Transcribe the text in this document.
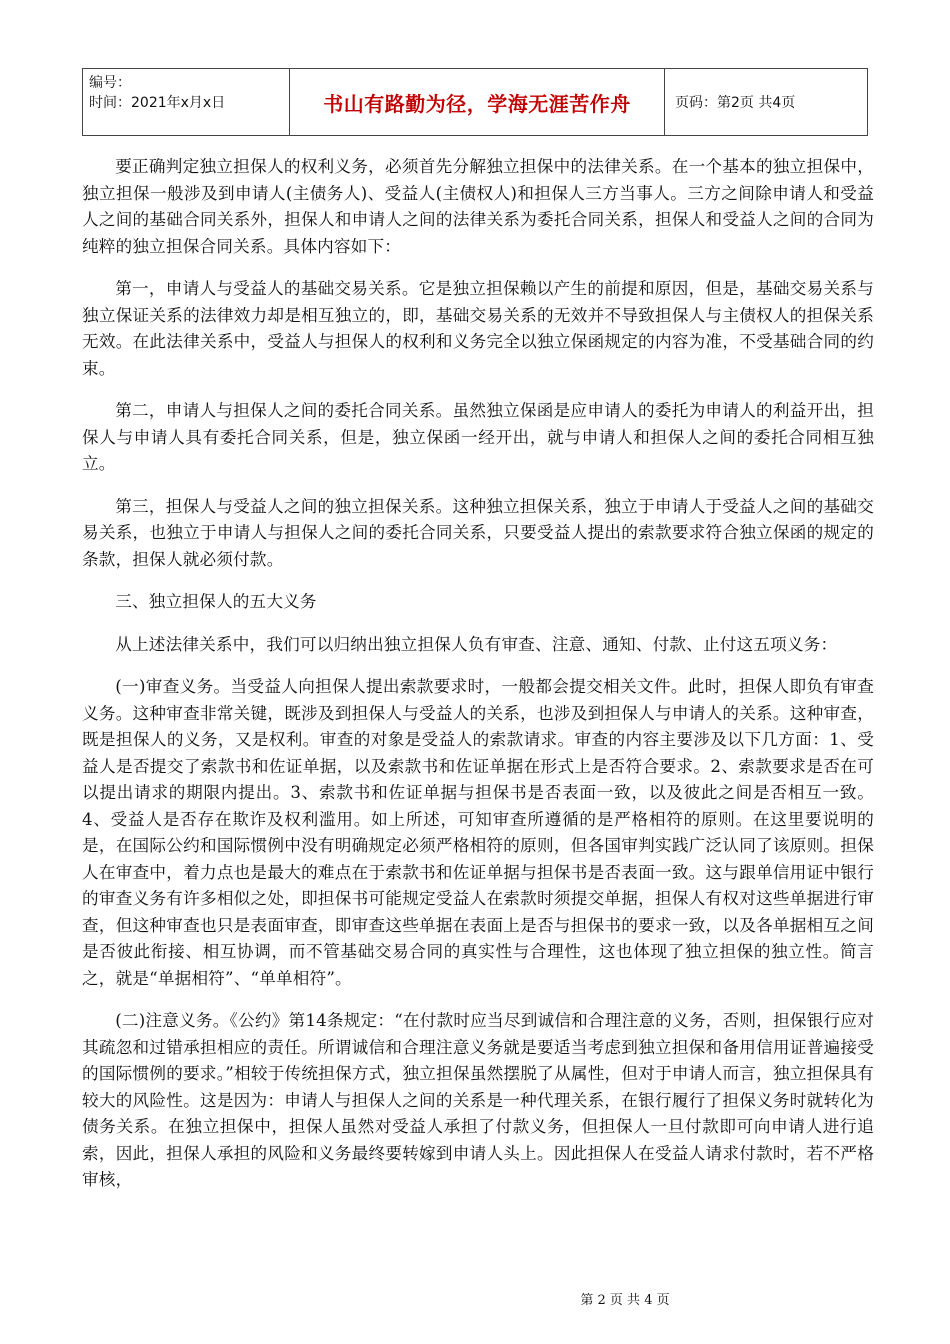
编号：
时间：2021年x月x日	书山有路勤为径，学海无涯苦作舟	页码：第2页 共4页

要正确判定独立担保人的权利义务，必须首先分解独立担保中的法律关系。在一个基本的独立担保中，独立担保一般涉及到申请人(主债务人)、受益人(主债权人)和担保人三方当事人。三方之间除申请人和受益人之间的基础合同关系外，担保人和申请人之间的法律关系为委托合同关系，担保人和受益人之间的合同为纯粹的独立担保合同关系。具体内容如下：

第一，申请人与受益人的基础交易关系。它是独立担保赖以产生的前提和原因，但是，基础交易关系与独立保证关系的法律效力却是相互独立的，即，基础交易关系的无效并不导致担保人与主债权人的担保关系无效。在此法律关系中，受益人与担保人的权利和义务完全以独立保函规定的内容为准，不受基础合同的约束。

第二，申请人与担保人之间的委托合同关系。虽然独立保函是应申请人的委托为申请人的利益开出，担保人与申请人具有委托合同关系，但是，独立保函一经开出，就与申请人和担保人之间的委托合同相互独立。

第三，担保人与受益人之间的独立担保关系。这种独立担保关系，独立于申请人于受益人之间的基础交易关系，也独立于申请人与担保人之间的委托合同关系，只要受益人提出的索款要求符合独立保函的规定的条款，担保人就必须付款。

三、独立担保人的五大义务

从上述法律关系中，我们可以归纳出独立担保人负有审查、注意、通知、付款、止付这五项义务：

(一)审查义务。当受益人向担保人提出索款要求时，一般都会提交相关文件。此时，担保人即负有审查义务。这种审查非常关键，既涉及到担保人与受益人的关系，也涉及到担保人与申请人的关系。这种审查，既是担保人的义务，又是权利。审查的对象是受益人的索款请求。审查的内容主要涉及以下几方面：1、受益人是否提交了索款书和佐证单据，以及索款书和佐证单据在形式上是否符合要求。2、索款要求是否在可以提出请求的期限内提出。3、索款书和佐证单据与担保书是否表面一致，以及彼此之间是否相互一致。4、受益人是否存在欺诈及权利滥用。如上所述，可知审查所遵循的是严格相符的原则。在这里要说明的是，在国际公约和国际惯例中没有明确规定必须严格相符的原则，但各国审判实践广泛认同了该原则。担保人在审查中，着力点也是最大的难点在于索款书和佐证单据与担保书是否表面一致。这与跟单信用证中银行的审查义务有许多相似之处，即担保书可能规定受益人在索款时须提交单据，担保人有权对这些单据进行审查，但这种审查也只是表面审查，即审查这些单据在表面上是否与担保书的要求一致，以及各单据相互之间是否彼此衔接、相互协调，而不管基础交易合同的真实性与合理性，这也体现了独立担保的独立性。简言之，就是“单据相符”、“单单相符”。

(二)注意义务。《公约》第14条规定：“在付款时应当尽到诚信和合理注意的义务，否则，担保银行应对其疏忽和过错承担相应的责任。所谓诚信和合理注意义务就是要适当考虑到独立担保和备用信用证普遍接受的国际惯例的要求。”相较于传统担保方式，独立担保虽然摆脱了从属性，但对于申请人而言，独立担保具有较大的风险性。这是因为：申请人与担保人之间的关系是一种代理关系，在银行履行了担保义务时就转化为债务关系。在独立担保中，担保人虽然对受益人承担了付款义务，但担保人一旦付款即可向申请人进行追索，因此，担保人承担的风险和义务最终要转嫁到申请人头上。因此担保人在受益人请求付款时，若不严格审核，

第 2 页 共 4 页
